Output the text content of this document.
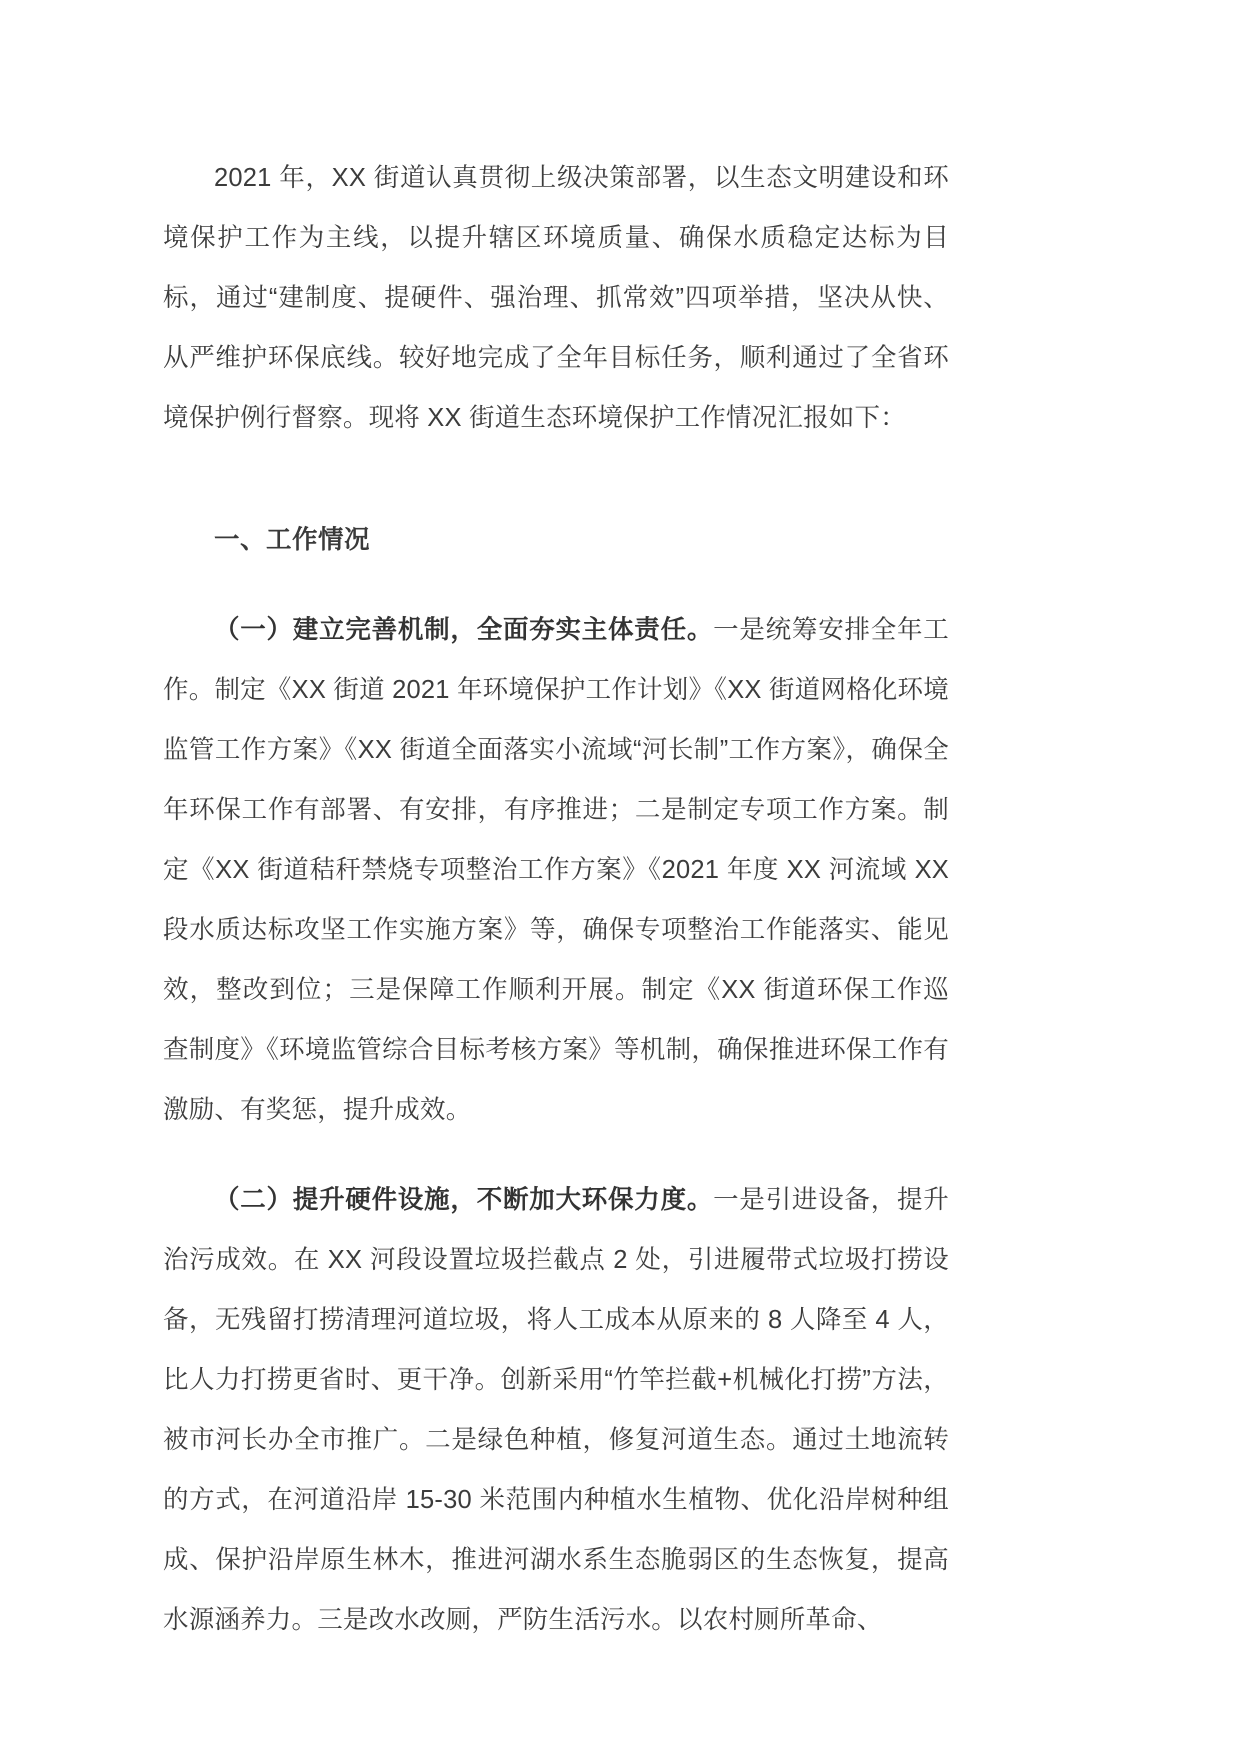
2021 年，XX 街道认真贯彻上级决策部署，以生态文明建设和环境保护工作为主线，以提升辖区环境质量、确保水质稳定达标为目标，通过“建制度、提硬件、强治理、抓常效”四项举措，坚决从快、从严维护环保底线。较好地完成了全年目标任务，顺利通过了全省环境保护例行督察。现将 XX 街道生态环境保护工作情况汇报如下：

一、工作情况

（一）建立完善机制，全面夯实主体责任。一是统筹安排全年工作。制定《XX 街道 2021 年环境保护工作计划》《XX 街道网格化环境监管工作方案》《XX 街道全面落实小流域“河长制”工作方案》，确保全年环保工作有部署、有安排，有序推进；二是制定专项工作方案。制定《XX 街道秸秆禁烧专项整治工作方案》《2021 年度 XX 河流域 XX 段水质达标攻坚工作实施方案》等，确保专项整治工作能落实、能见效，整改到位；三是保障工作顺利开展。制定《XX 街道环保工作巡查制度》《环境监管综合目标考核方案》等机制，确保推进环保工作有激励、有奖惩，提升成效。

（二）提升硬件设施，不断加大环保力度。一是引进设备，提升治污成效。在 XX 河段设置垃圾拦截点 2 处，引进履带式垃圾打捞设备，无残留打捞清理河道垃圾，将人工成本从原来的 8 人降至 4 人，比人力打捞更省时、更干净。创新采用“竹竿拦截+机械化打捞”方法，被市河长办全市推广。二是绿色种植，修复河道生态。通过土地流转的方式，在河道沿岸 15-30 米范围内种植水生植物、优化沿岸树种组成、保护沿岸原生林木，推进河湖水系生态脆弱区的生态恢复，提高水源涵养力。三是改水改厕，严防生活污水。以农村厕所革命、
